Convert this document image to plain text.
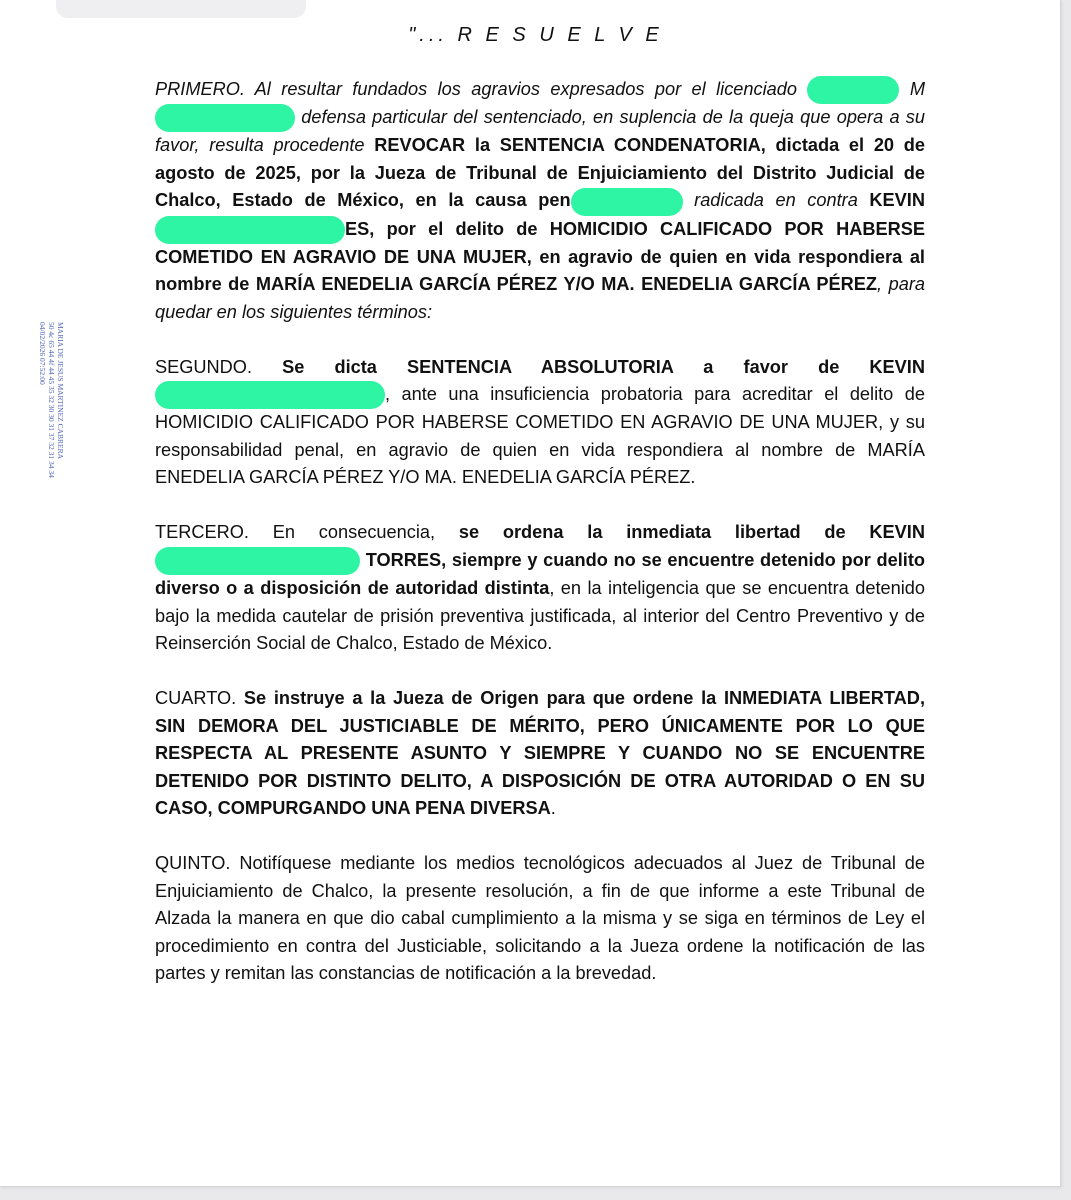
MARIA DE JESUS MARTINEZ CABRERA
50 4c 65 44 4f 44 45 35 32 30 30 31 37 32 31 34 34
04/02/2026 07:52:00
"... R E S U E L V E

PRIMERO. Al resultar fundados los agravios expresados por el licenciado	M defensa particular del sentenciado, en suplencia de la queja que opera a su favor, resulta procedente REVOCAR la SENTENCIA CONDENATORIA, dictada el 20 de agosto de 2025, por la Jueza de Tribunal de Enjuiciamiento del Distrito Judicial de Chalco, Estado de México, en la causa pen	radicada en contra KEVIN ES, por el delito de HOMICIDIO CALIFICADO POR HABERSE COMETIDO EN AGRAVIO DE UNA MUJER, en agravio de quien en vida respondiera al nombre de MARÍA ENEDELIA GARCÍA PÉREZ Y/O MA. ENEDELIA GARCÍA PÉREZ, para quedar en los siguientes términos:

SEGUNDO. Se dicta SENTENCIA ABSOLUTORIA a favor de KEVIN , ante una insuficiencia probatoria para acreditar el delito de HOMICIDIO CALIFICADO POR HABERSE COMETIDO EN AGRAVIO DE UNA MUJER, y su responsabilidad penal, en agravio de quien en vida respondiera al nombre de MARÍA ENEDELIA GARCÍA PÉREZ Y/O MA. ENEDELIA GARCÍA PÉREZ.

TERCERO. En consecuencia, se ordena la inmediata libertad de KEVIN  TORRES, siempre y cuando no se encuentre detenido por delito diverso o a disposición de autoridad distinta, en la inteligencia que se encuentra detenido bajo la medida cautelar de prisión preventiva justificada, al interior del Centro Preventivo y de Reinserción Social de Chalco, Estado de México.

CUARTO. Se instruye a la Jueza de Origen para que ordene la INMEDIATA LIBERTAD, SIN DEMORA DEL JUSTICIABLE DE MÉRITO, PERO ÚNICAMENTE POR LO QUE RESPECTA AL PRESENTE ASUNTO Y SIEMPRE Y CUANDO NO SE ENCUENTRE DETENIDO POR DISTINTO DELITO, A DISPOSICIÓN DE OTRA AUTORIDAD O EN SU CASO, COMPURGANDO UNA PENA DIVERSA.

QUINTO. Notifíquese mediante los medios tecnológicos adecuados al Juez de Tribunal de Enjuiciamiento de Chalco, la presente resolución, a fin de que informe a este Tribunal de Alzada la manera en que dio cabal cumplimiento a la misma y se siga en términos de Ley el procedimiento en contra del Justiciable, solicitando a la Jueza ordene la notificación de las partes y remitan las constancias de notificación a la brevedad.
